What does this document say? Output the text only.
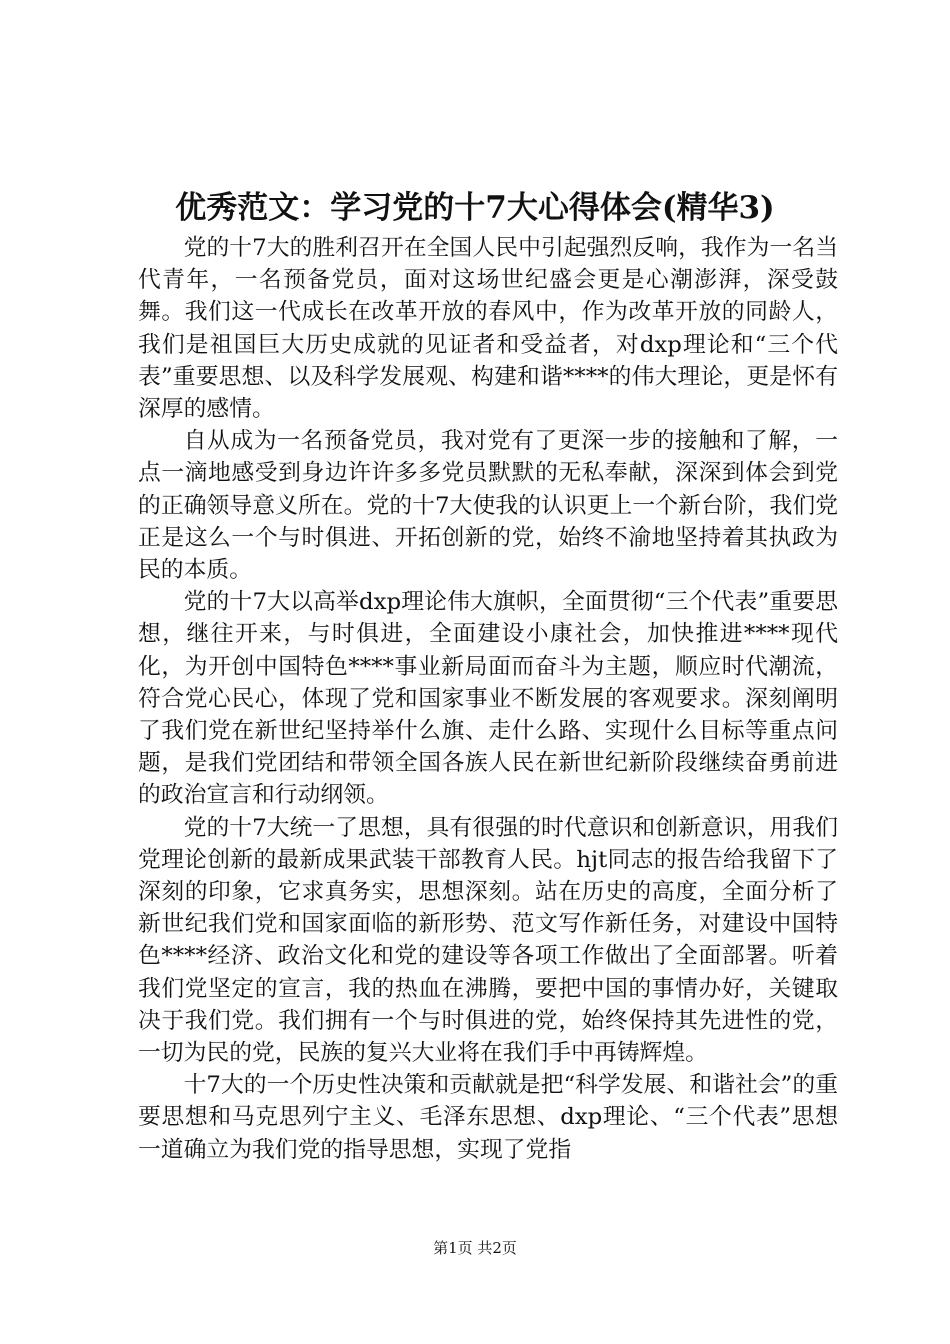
优秀范文：学习党的十7大心得体会(精华3)

党的十7大的胜利召开在全国人民中引起强烈反响，我作为一名当代青年，一名预备党员，面对这场世纪盛会更是心潮澎湃，深受鼓舞。我们这一代成长在改革开放的春风中，作为改革开放的同龄人，我们是祖国巨大历史成就的见证者和受益者，对dxp理论和“三个代表”重要思想、以及科学发展观、构建和谐****的伟大理论，更是怀有深厚的感情。

自从成为一名预备党员，我对党有了更深一步的接触和了解，一点一滴地感受到身边许许多多党员默默的无私奉献，深深到体会到党的正确领导意义所在。党的十7大使我的认识更上一个新台阶，我们党正是这么一个与时俱进、开拓创新的党，始终不渝地坚持着其执政为民的本质。

党的十7大以高举dxp理论伟大旗帜，全面贯彻“三个代表”重要思想，继往开来，与时俱进，全面建设小康社会，加快推进****现代化，为开创中国特色****事业新局面而奋斗为主题，顺应时代潮流，符合党心民心，体现了党和国家事业不断发展的客观要求。深刻阐明了我们党在新世纪坚持举什么旗、走什么路、实现什么目标等重点问题，是我们党团结和带领全国各族人民在新世纪新阶段继续奋勇前进的政治宣言和行动纲领。

党的十7大统一了思想，具有很强的时代意识和创新意识，用我们党理论创新的最新成果武装干部教育人民。hjt同志的报告给我留下了深刻的印象，它求真务实，思想深刻。站在历史的高度，全面分析了新世纪我们党和国家面临的新形势、范文写作新任务，对建设中国特色****经济、政治文化和党的建设等各项工作做出了全面部署。听着我们党坚定的宣言，我的热血在沸腾，要把中国的事情办好，关键取决于我们党。我们拥有一个与时俱进的党，始终保持其先进性的党，一切为民的党，民族的复兴大业将在我们手中再铸辉煌。

十7大的一个历史性决策和贡献就是把“科学发展、和谐社会”的重要思想和马克思列宁主义、毛泽东思想、dxp理论、“三个代表”思想一道确立为我们党的指导思想，实现了党指

第1页 共2页
